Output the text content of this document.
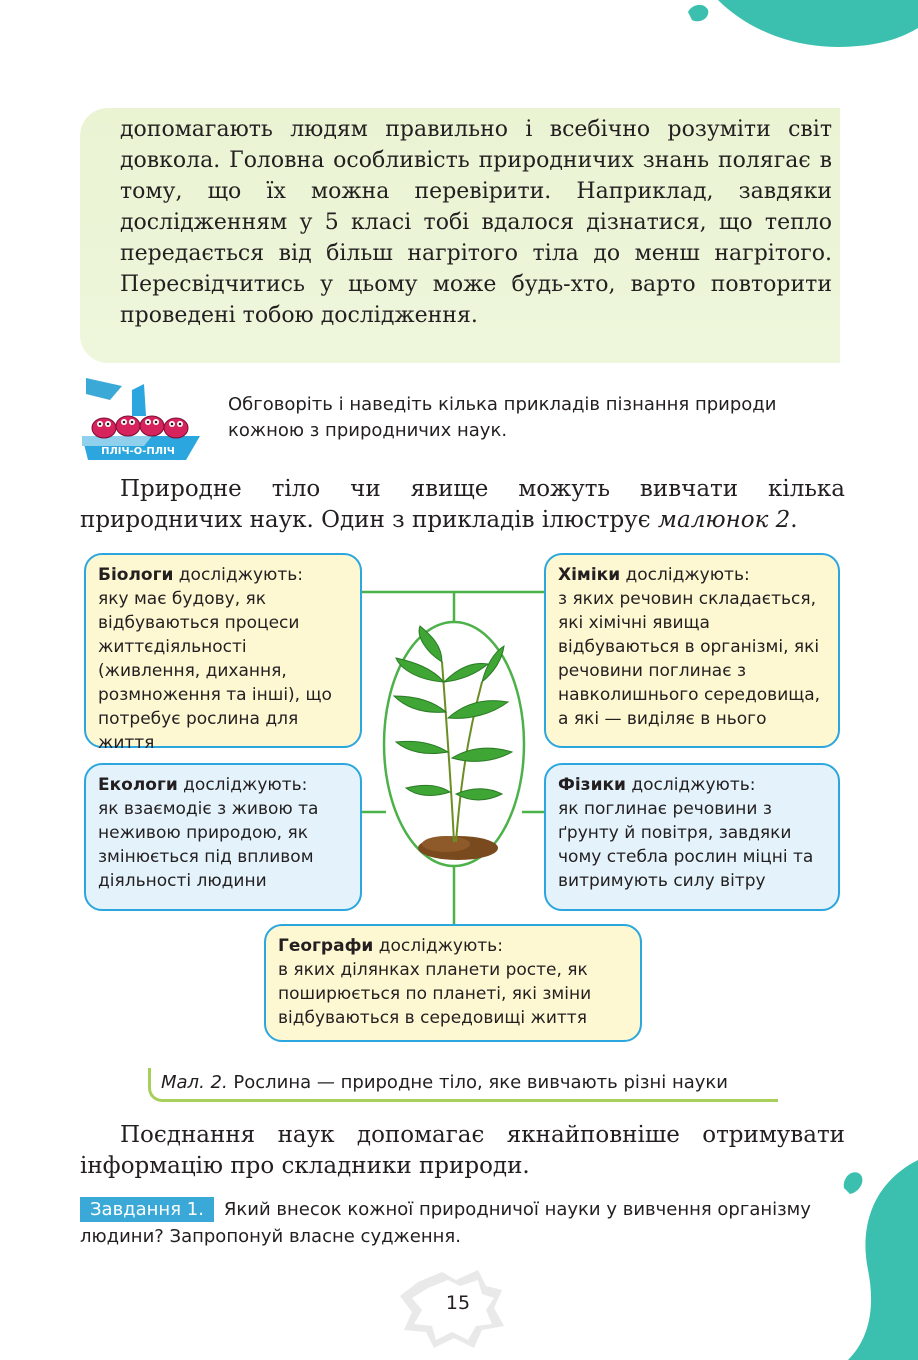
допомагають людям правильно і всебічно розуміти світ довкола. Головна особливість природничих знань полягає в тому, що їх можна перевірити. Наприклад, завдяки дослідженням у 5 класі тобі вдалося дізнатися, що тепло передається від більш нагрітого тіла до менш нагрітого. Пересвідчитись у цьому може будь-хто, варто повторити проведені тобою дослідження.

ПЛІЧ-О-ПЛІЧ

Обговоріть і наведіть кілька прикладів пізнання природи кожною з природничих наук.

Природне тіло чи явище можуть вивчати кілька природничих наук. Один з прикладів ілюструє малюнок 2.

Біологи досліджують:
яку має будову, як відбуваються процеси життєдіяльності (живлення, дихання, розмноження та інші), що потребує рослина для життя
Хіміки досліджують:
з яких речовин складається, які хімічні явища відбуваються в організмі, які речовини поглинає з навколишнього середовища, а які — виділяє в нього
Екологи досліджують:
як взаємодіє з живою та неживою природою, як змінюється під впливом діяльності людини
Фізики досліджують:
як поглинає речовини з ґрунту й повітря, завдяки чому стебла рослин міцні та витримують силу вітру
Географи досліджують:
в яких ділянках планети росте, як поширюється по планеті, які зміни відбуваються в середовищі життя
Мал. 2. Рослина — природне тіло, яке вивчають різні науки

Поєднання наук допомагає якнайповніше отримувати інформацію про складники природи.

Завдання 1. Який внесок кожної природничої науки у вивчення організму людини? Запропонуй власне судження.

15
